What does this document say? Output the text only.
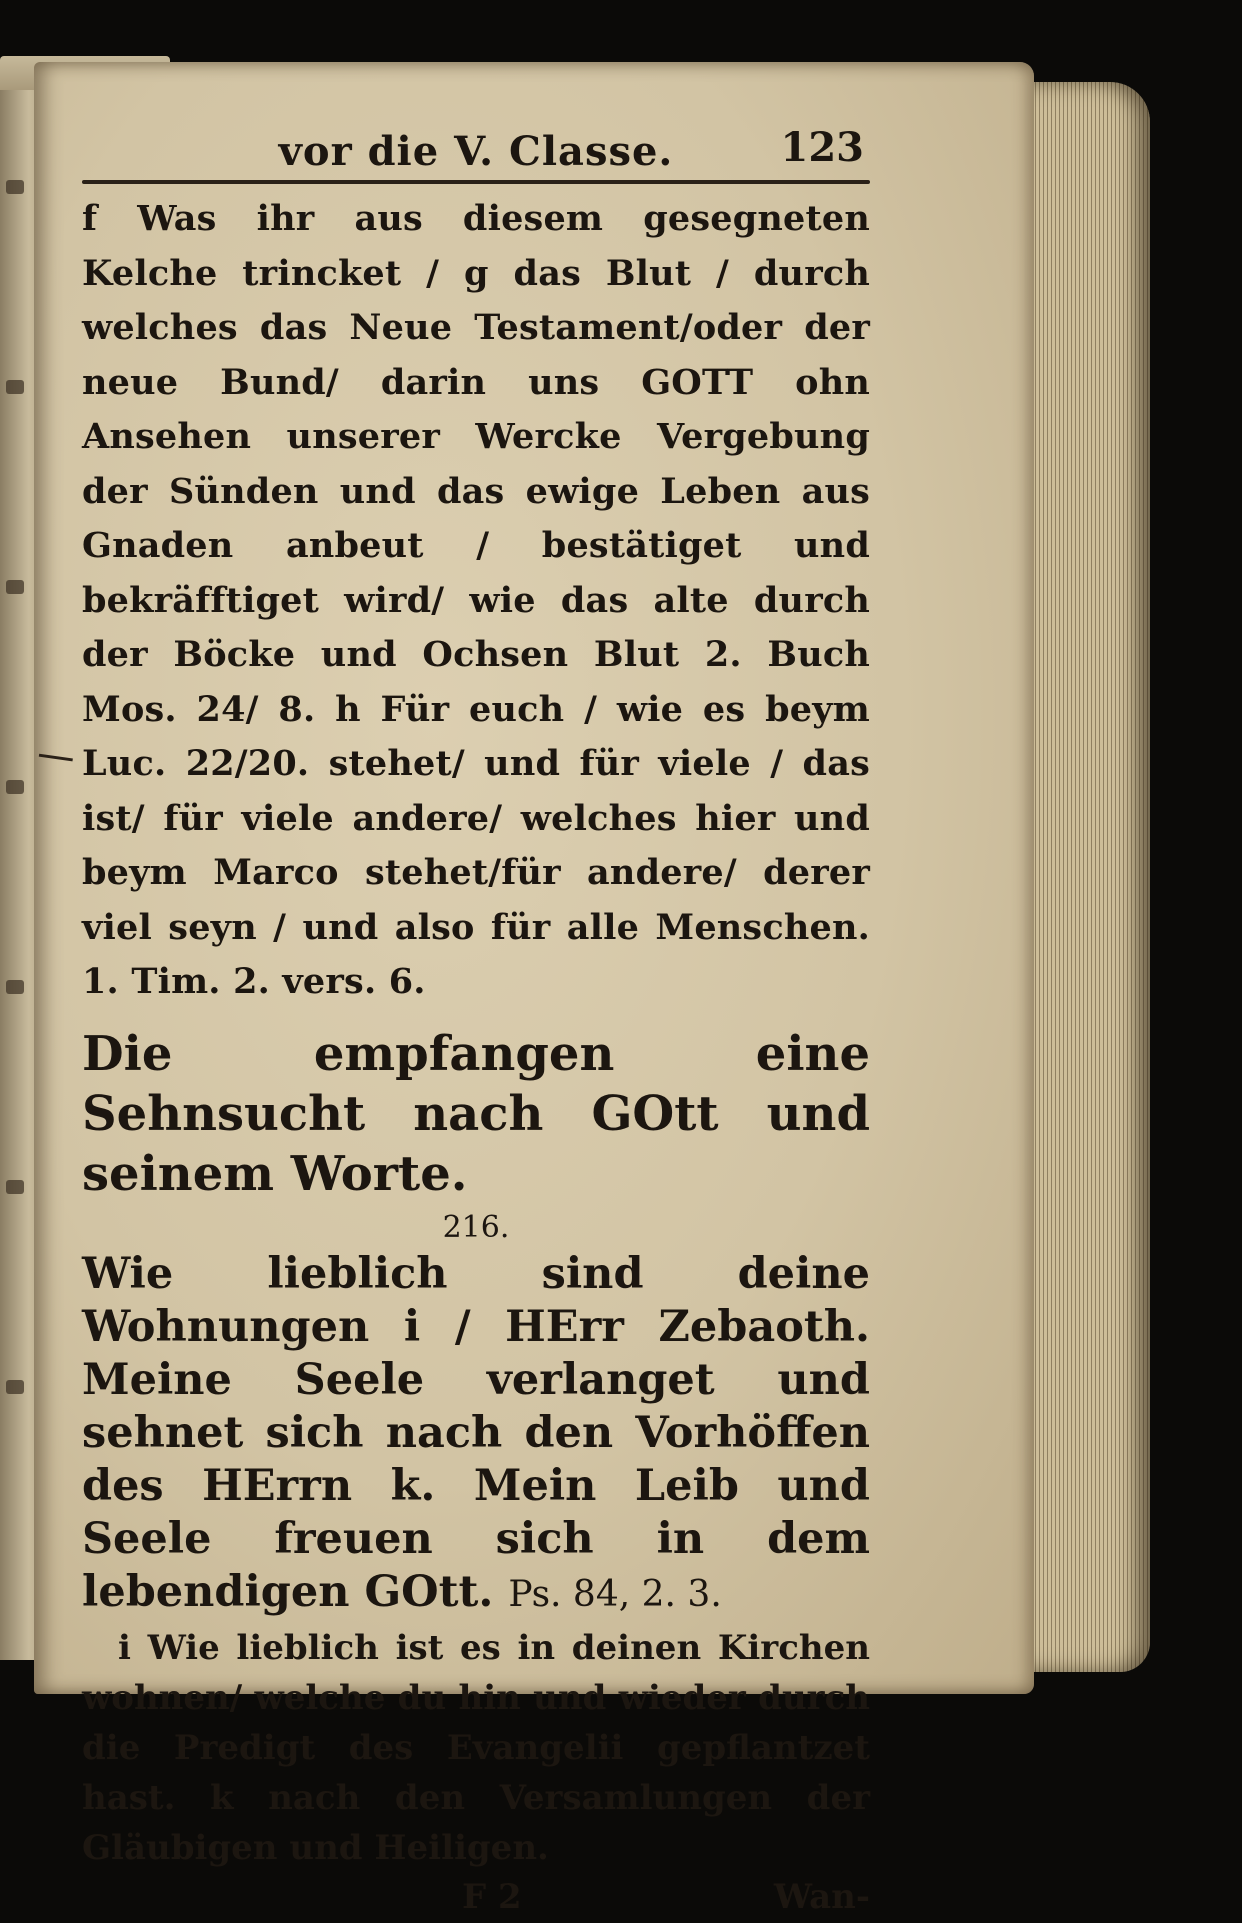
vor die V. Classe.	123
f Was ihr aus diesem gesegneten Kelche trincket / g das Blut / durch welches das Neue Testament/oder der neue Bund/ darin uns GOTT ohn Ansehen unserer Wercke Vergebung der Sünden und das ewige Leben aus Gnaden anbeut / bestätiget und bekräfftiget wird/ wie das alte durch der Böcke und Ochsen Blut 2. Buch Mos. 24/ 8. h Für euch / wie es beym Luc. 22/20. stehet/ und für viele / das ist/ für viele andere/ welches hier und beym Marco stehet/für andere/ derer viel seyn / und also für alle Menschen. 1. Tim. 2. vers. 6.
Die empfangen eine Sehnsucht nach GOtt und seinem Worte.
216.
Wie lieblich sind deine Wohnungen i / HErr Zebaoth. Meine Seele verlanget und sehnet sich nach den Vorhöffen des HErrn k. Mein Leib und Seele freuen sich in dem lebendigen GOtt. Ps. 84, 2. 3.
i Wie lieblich ist es in deinen Kirchen wohnen/ welche du hin und wieder durch die Predigt des Evangelii gepflantzet hast. k nach den Versamlungen der Gläubigen und Heiligen.
F 2	Wan-
